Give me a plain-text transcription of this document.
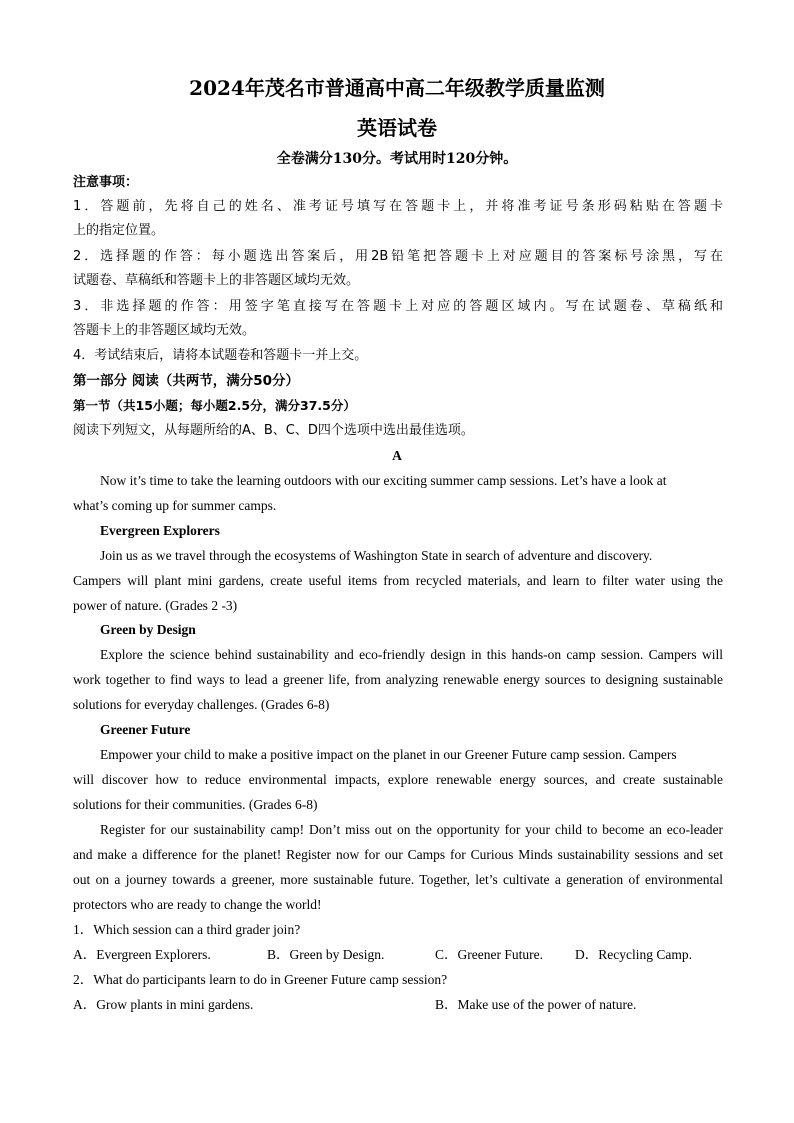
2024年茂名市普通高中高二年级教学质量监测
英语试卷
全卷满分130分。考试用时120分钟。
注意事项：
1．答题前，先将自己的姓名、准考证号填写在答题卡上，并将准考证号条形码粘贴在答题卡
上的指定位置。
2．选择题的作答：每小题选出答案后，用2B铅笔把答题卡上对应题目的答案标号涂黑，写在
试题卷、草稿纸和答题卡上的非答题区域均无效。
3．非选择题的作答：用签字笔直接写在答题卡上对应的答题区域内。写在试题卷、草稿纸和
答题卡上的非答题区域均无效。
4．考试结束后，请将本试题卷和答题卡一并上交。
第一部分 阅读（共两节，满分50分）
第一节（共15小题；每小题2.5分，满分37.5分）
阅读下列短文，从每题所给的A、B、C、D四个选项中选出最佳选项。
A
Now it’s time to take the learning outdoors with our exciting summer camp sessions. Let’s have a look at
what’s coming up for summer camps.
Evergreen Explorers
Join us as we travel through the ecosystems of Washington State in search of adventure and discovery.
Campers will plant mini gardens, create useful items from recycled materials, and learn to filter water using the
power of nature. (Grades 2 -3)
Green by Design
Explore the science behind sustainability and eco-friendly design in this hands-on camp session. Campers will
work together to find ways to lead a greener life, from analyzing renewable energy sources to designing sustainable
solutions for everyday challenges. (Grades 6-8)
Greener Future
Empower your child to make a positive impact on the planet in our Greener Future camp session. Campers
will discover how to reduce environmental impacts, explore renewable energy sources, and create sustainable
solutions for their communities. (Grades 6-8)
Register for our sustainability camp! Don’t miss out on the opportunity for your child to become an eco-leader
and make a difference for the planet! Register now for our Camps for Curious Minds sustainability sessions and set
out on a journey towards a greener, more sustainable future. Together, let’s cultivate a generation of environmental
protectors who are ready to change the world!
1．Which session can a third grader join?
A．Evergreen Explorers.	B．Green by Design.	C．Greener Future. D．Recycling Camp.
2．What do participants learn to do in Greener Future camp session?
A．Grow plants in mini gardens.	B．Make use of the power of nature.
